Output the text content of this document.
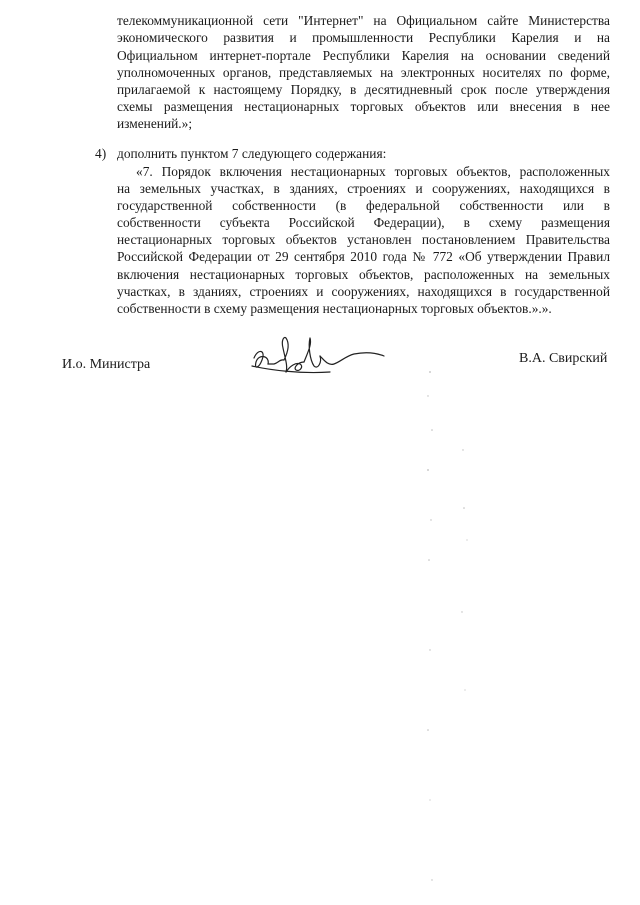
телекоммуникационной сети "Интернет" на Официальном сайте Министерства
экономического развития и промышленности Республики Карелия и на
Официальном интернет-портале Республики Карелия на основании сведений
уполномоченных органов, представляемых на электронных носителях по форме,
прилагаемой к настоящему Порядку, в десятидневный срок после утверждения
схемы размещения нестационарных торговых объектов или внесения в нее
изменений.»;
4) дополнить пунктом 7 следующего содержания:
«7. Порядок включения нестационарных торговых объектов, расположенных
на земельных участках, в зданиях, строениях и сооружениях, находящихся в
государственной собственности (в федеральной собственности или в
собственности субъекта Российской Федерации), в схему размещения
нестационарных торговых объектов установлен постановлением Правительства
Российской Федерации от 29 сентября 2010 года № 772 «Об утверждении Правил
включения нестационарных торговых объектов, расположенных на земельных
участках, в зданиях, строениях и сооружениях, находящихся в государственной
собственности в схему размещения нестационарных торговых объектов.».».
И.о. Министра	В.А. Свирский
